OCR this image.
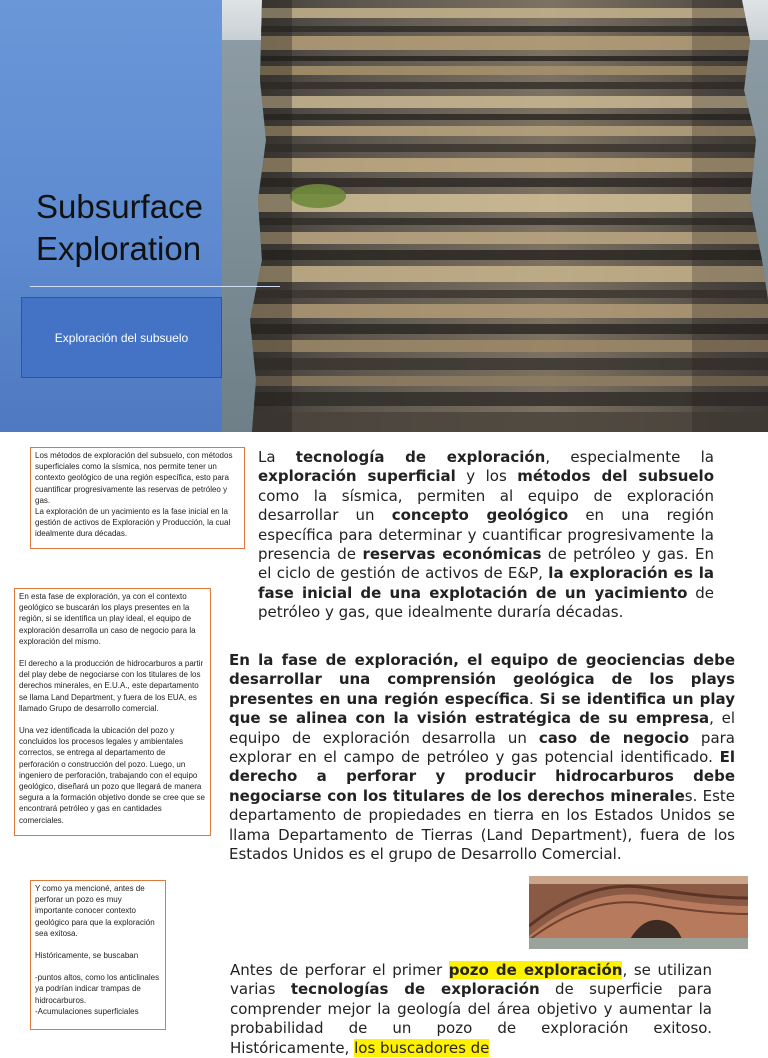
Subsurface
Exploration
Exploración del subsuelo

Los métodos de exploración del subsuelo, con métodos superficiales como la sísmica, nos permite tener un contexto geológico de una región específica, esto para cuantificar progresivamente las reservas de petróleo y gas.
La exploración de un yacimiento es la fase inicial en la gestión de activos de Exploración y Producción, la cual idealmente dura décadas.

En esta fase de exploración, ya con el contexto geológico se buscarán los plays presentes en la región, si se identifica un play ideal, el equipo de exploración desarrolla un caso de negocio para la exploración del mismo.

El derecho a la producción de hidrocarburos a partir del play debe de negociarse con los titulares de los derechos minerales, en E.U.A., este departamento se llama Land Department, y fuera de los EUA, es llamado Grupo de desarrollo comercial.

Una vez identificada la ubicación del pozo y concluidos los procesos legales y ambientales correctos, se entrega al departamento de perforación o construcción del pozo. Luego, un ingeniero de perforación, trabajando con el equipo geológico, diseñará un pozo que llegará de manera segura a la formación objetivo donde se cree que se encontrará petróleo y gas en cantidades comerciales.

Y como ya mencioné, antes de perforar un pozo es muy importante conocer contexto geológico para que la exploración sea exitosa.

Históricamente, se buscaban

-puntos altos, como los anticlinales ya podrían indicar trampas de hidrocarburos.
-Acumulaciones superficiales

La tecnología de exploración, especialmente la exploración superficial y los métodos del subsuelo como la sísmica, permiten al equipo de exploración desarrollar un concepto geológico en una región específica para determinar y cuantificar progresivamente la presencia de reservas económicas de petróleo y gas. En el ciclo de gestión de activos de E&P, la exploración es la fase inicial de una explotación de un yacimiento de petróleo y gas, que idealmente duraría décadas.
En la fase de exploración, el equipo de geociencias debe desarrollar una comprensión geológica de los plays presentes en una región específica. Si se identifica un play que se alinea con la visión estratégica de su empresa, el equipo de exploración desarrolla un caso de negocio para explorar en el campo de petróleo y gas potencial identificado. El derecho a perforar y producir hidrocarburos debe negociarse con los titulares de los derechos minerales. Este departamento de propiedades en tierra en los Estados Unidos se llama Departamento de Tierras (Land Department), fuera de los Estados Unidos es el grupo de Desarrollo Comercial.
Antes de perforar el primer pozo de exploración, se utilizan varias tecnologías de exploración de superficie para comprender mejor la geología del área objetivo y aumentar la probabilidad de un pozo de exploración exitoso. Históricamente, los buscadores de
